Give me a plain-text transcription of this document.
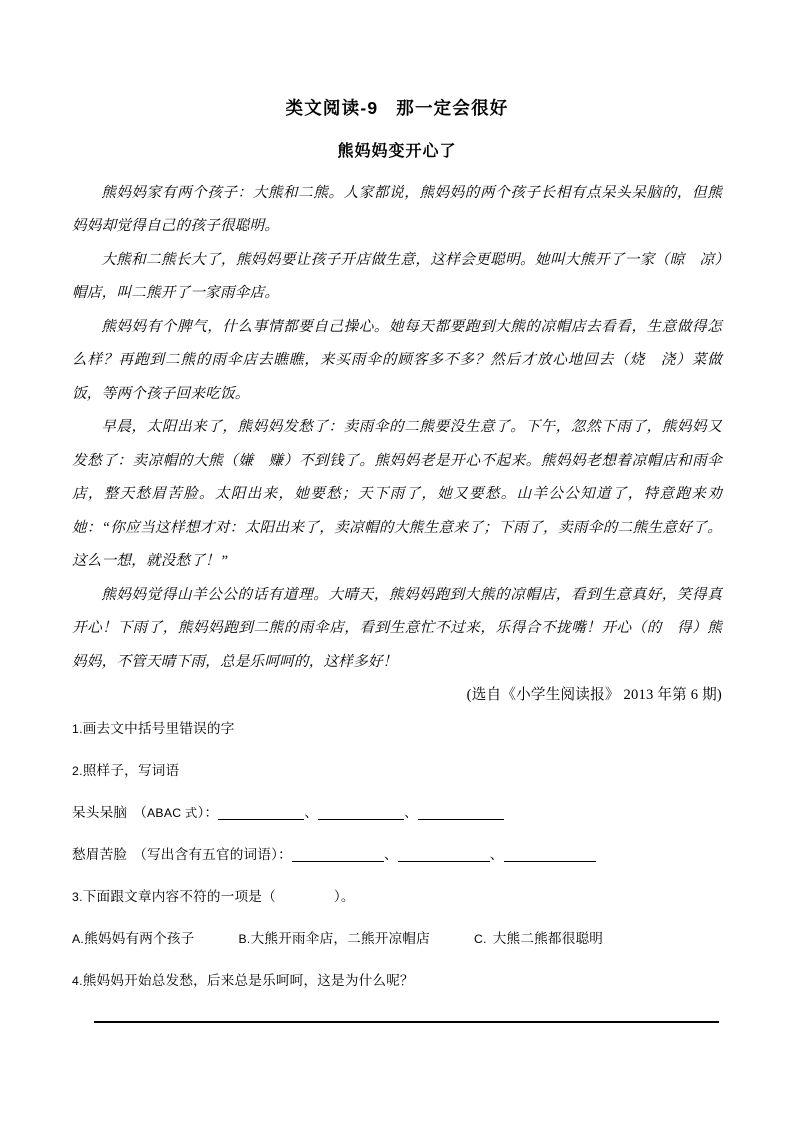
类文阅读-9 那一定会很好
熊妈妈变开心了

熊妈妈家有两个孩子：大熊和二熊。人家都说，熊妈妈的两个孩子长相有点呆头呆脑的，但熊妈妈却觉得自己的孩子很聪明。

大熊和二熊长大了，熊妈妈要让孩子开店做生意，这样会更聪明。她叫大熊开了一家（晾　凉）帽店，叫二熊开了一家雨伞店。

熊妈妈有个脾气，什么事情都要自己操心。她每天都要跑到大熊的凉帽店去看看，生意做得怎么样？再跑到二熊的雨伞店去瞧瞧，来买雨伞的顾客多不多？然后才放心地回去（烧　浇）菜做饭，等两个孩子回来吃饭。

早晨，太阳出来了，熊妈妈发愁了：卖雨伞的二熊要没生意了。下午，忽然下雨了，熊妈妈又发愁了：卖凉帽的大熊（嫌　赚）不到钱了。熊妈妈老是开心不起来。熊妈妈老想着凉帽店和雨伞店，整天愁眉苦脸。太阳出来，她要愁；天下雨了，她又要愁。山羊公公知道了，特意跑来劝她：“你应当这样想才对：太阳出来了，卖凉帽的大熊生意来了；下雨了，卖雨伞的二熊生意好了。这么一想，就没愁了！”

熊妈妈觉得山羊公公的话有道理。大晴天，熊妈妈跑到大熊的凉帽店，看到生意真好，笑得真开心！下雨了，熊妈妈跑到二熊的雨伞店，看到生意忙不过来，乐得合不拢嘴！开心（的　得）熊妈妈，不管天晴下雨，总是乐呵呵的，这样多好！

(选自《小学生阅读报》 2013 年第 6 期)
1.画去文中括号里错误的字
2.照样子，写词语
呆头呆脑 （ABAC 式）：	、	、
愁眉苦脸 （写出含有五官的词语）：	、	、
3.下面跟文章内容不符的一项是（	）。
A.熊妈妈有两个孩子	B.大熊开雨伞店，二熊开凉帽店	C. 大熊二熊都很聪明
4.熊妈妈开始总发愁，后来总是乐呵呵，这是为什么呢？
